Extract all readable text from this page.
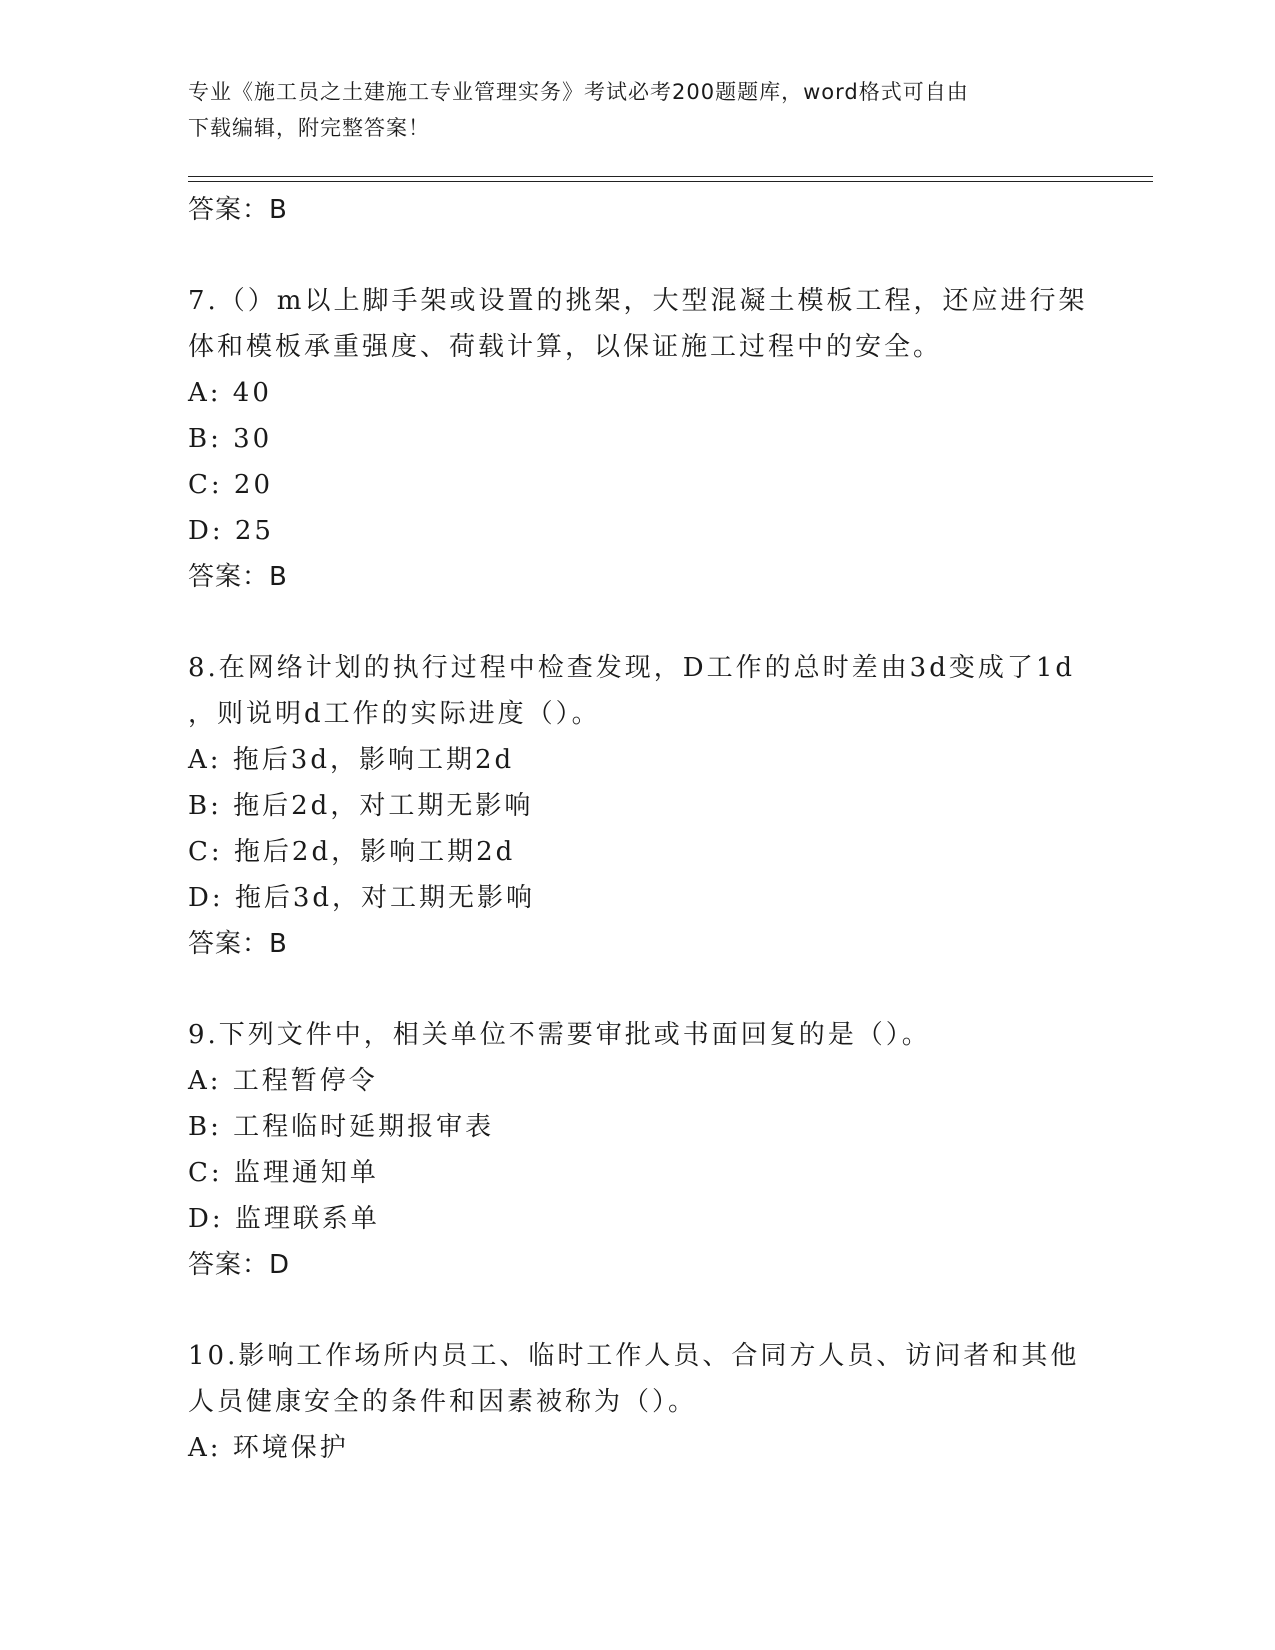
专业《施工员之土建施工专业管理实务》考试必考200题题库，word格式可自由
下载编辑，附完整答案！
答案：B
7.（）m以上脚手架或设置的挑架，大型混凝土模板工程，还应进行架
体和模板承重强度、荷载计算，以保证施工过程中的安全。
A: 40
B: 30
C: 20
D: 25
答案：B
8.在网络计划的执行过程中检查发现，D工作的总时差由3d变成了1d
，则说明d工作的实际进度（）。
A: 拖后3d，影响工期2d
B: 拖后2d，对工期无影响
C: 拖后2d，影响工期2d
D: 拖后3d，对工期无影响
答案：B
9.下列文件中，相关单位不需要审批或书面回复的是（）。
A: 工程暂停令
B: 工程临时延期报审表
C: 监理通知单
D: 监理联系单
答案：D
10.影响工作场所内员工、临时工作人员、合同方人员、访问者和其他
人员健康安全的条件和因素被称为（）。
A: 环境保护
